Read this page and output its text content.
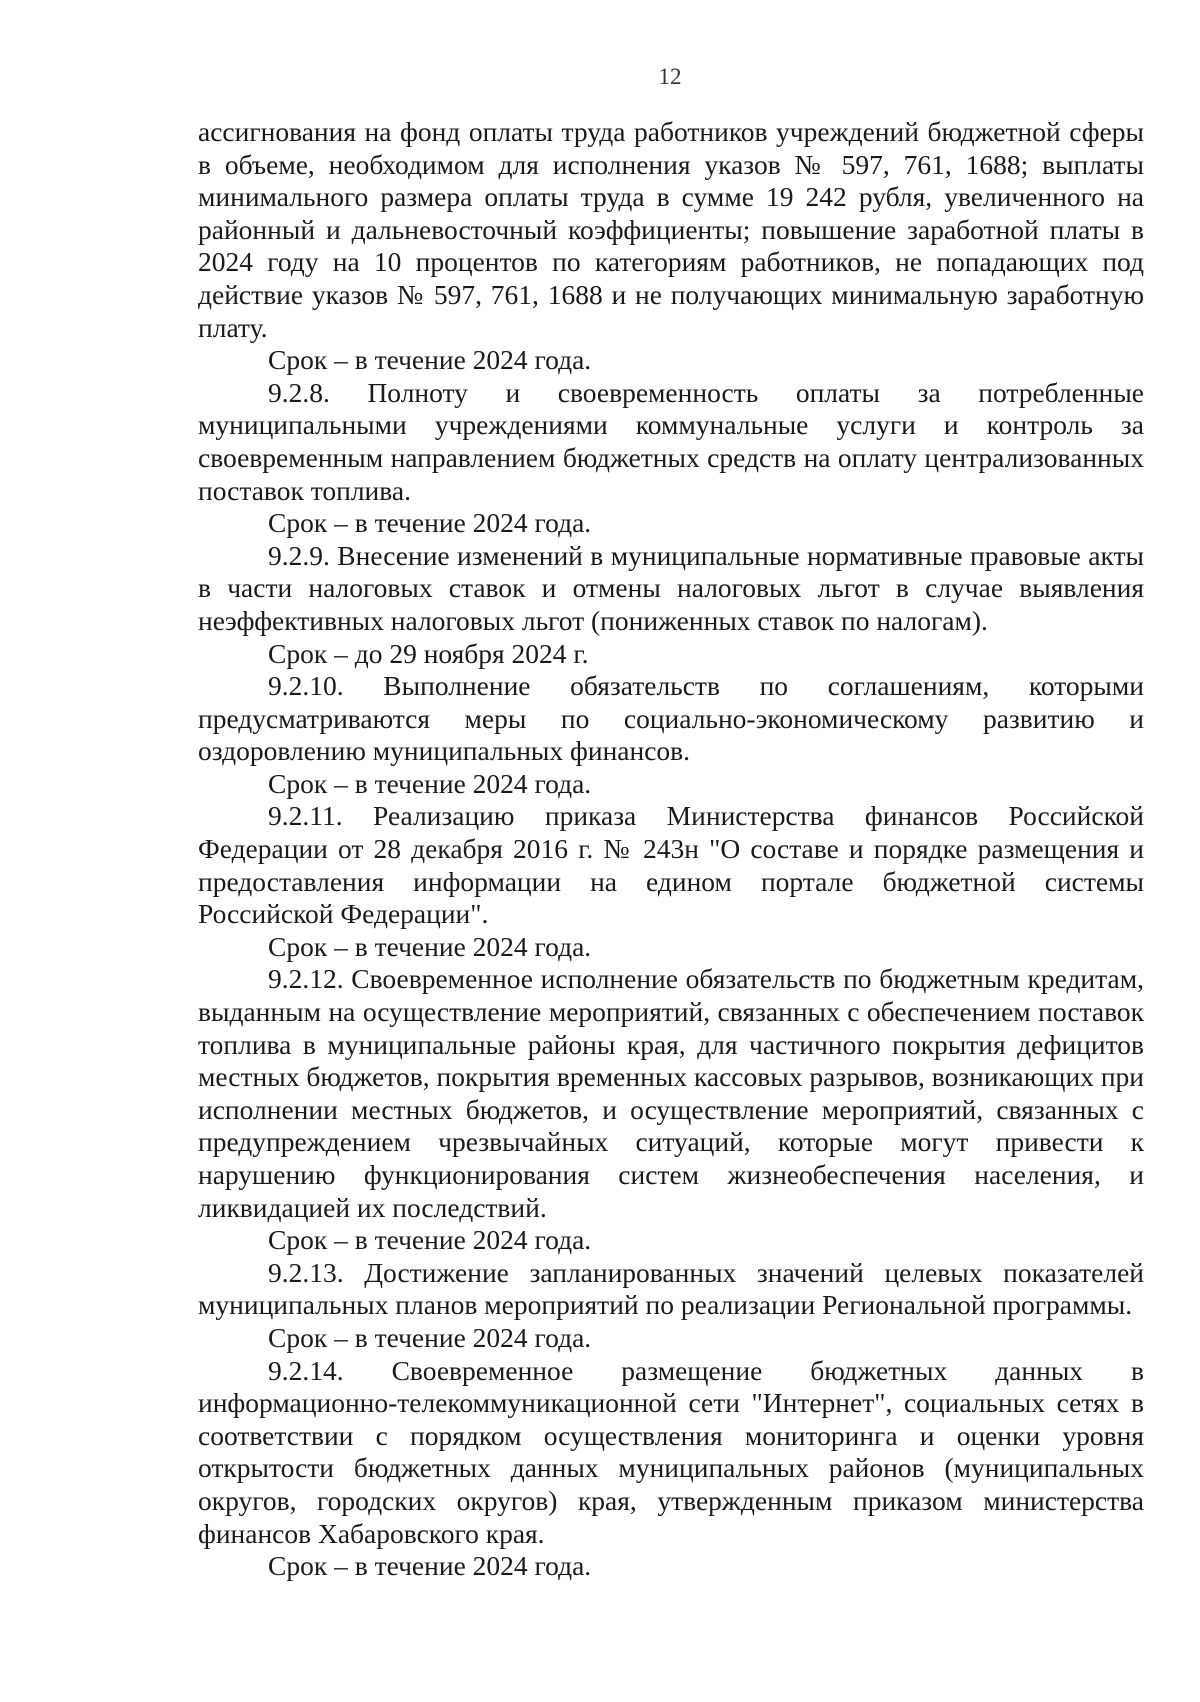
12

ассигнования на фонд оплаты труда работников учреждений бюджетной сферы в объеме, необходимом для исполнения указов № 597, 761, 1688; выплаты минимального размера оплаты труда в сумме 19 242 рубля, увеличенного на районный и дальневосточный коэффициенты; повышение заработной платы в 2024 году на 10 процентов по категориям работников, не попадающих под действие указов № 597, 761, 1688 и не получающих минимальную заработную плату.

Срок – в течение 2024 года.

9.2.8. Полноту и своевременность оплаты за потребленные муниципальными учреждениями коммунальные услуги и контроль за своевременным направлением бюджетных средств на оплату централизованных поставок топлива.

Срок – в течение 2024 года.

9.2.9. Внесение изменений в муниципальные нормативные правовые акты в части налоговых ставок и отмены налоговых льгот в случае выявления неэффективных налоговых льгот (пониженных ставок по налогам).

Срок – до 29 ноября 2024 г.

9.2.10. Выполнение обязательств по соглашениям, которыми предусматриваются меры по социально-экономическому развитию и оздоровлению муниципальных финансов.

Срок – в течение 2024 года.

9.2.11. Реализацию приказа Министерства финансов Российской Федерации от 28 декабря 2016 г. № 243н "О составе и порядке размещения и предоставления информации на едином портале бюджетной системы Российской Федерации".

Срок – в течение 2024 года.

9.2.12. Своевременное исполнение обязательств по бюджетным кредитам, выданным на осуществление мероприятий, связанных с обеспечением поставок топлива в муниципальные районы края, для частичного покрытия дефицитов местных бюджетов, покрытия временных кассовых разрывов, возникающих при исполнении местных бюджетов, и осуществление мероприятий, связанных с предупреждением чрезвычайных ситуаций, которые могут привести к нарушению функционирования систем жизнеобеспечения населения, и ликвидацией их последствий.

Срок – в течение 2024 года.

9.2.13. Достижение запланированных значений целевых показателей муниципальных планов мероприятий по реализации Региональной программы.

Срок – в течение 2024 года.

9.2.14. Своевременное размещение бюджетных данных в информационно-телекоммуникационной сети "Интернет", социальных сетях в соответствии с порядком осуществления мониторинга и оценки уровня открытости бюджетных данных муниципальных районов (муниципальных округов, городских округов) края, утвержденным приказом министерства финансов Хабаровского края.

Срок – в течение 2024 года.
